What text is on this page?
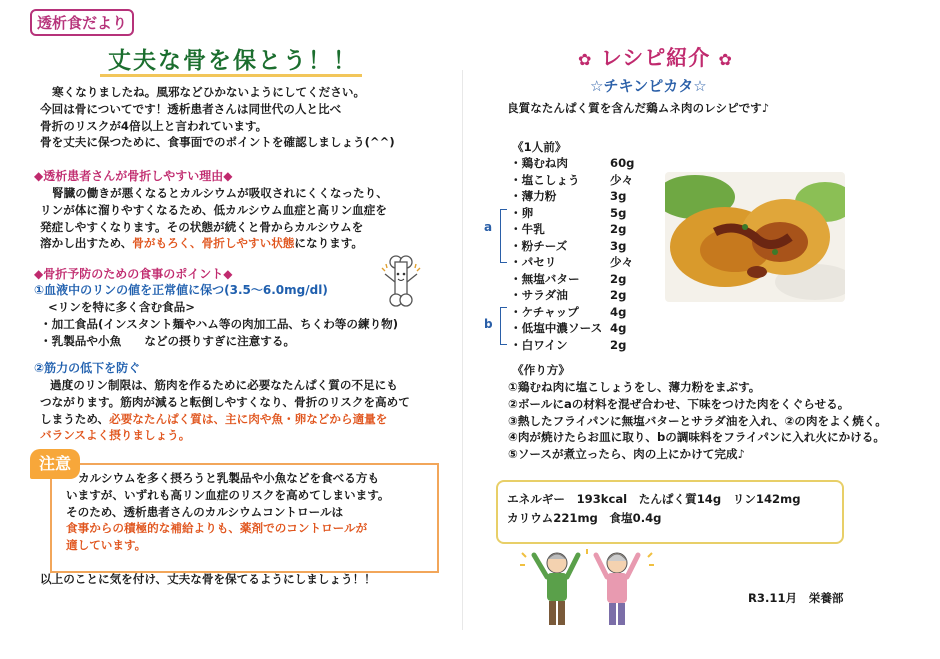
透析食だより
丈夫な骨を保とう！！
寒くなりましたね。風邪などひかないようにしてください。
今回は骨についてです！透析患者さんは同世代の人と比べ
骨折のリスクが4倍以上と言われています。
骨を丈夫に保つために、食事面でのポイントを確認しましょう(^^)
◆透析患者さんが骨折しやすい理由◆
腎臓の働きが悪くなるとカルシウムが吸収されにくくなったり、
リンが体に溜りやすくなるため、低カルシウム血症と高リン血症を
発症しやすくなります。その状態が続くと骨からカルシウムを
溶かし出すため、骨がもろく、骨折しやすい状態になります。
◆骨折予防のための食事のポイント◆
①血液中のリンの値を正常値に保つ(3.5～6.0mg/dl)
<リンを特に多く含む食品>
・加工食品(インスタント麺やハム等の肉加工品、ちくわ等の練り物)
・乳製品や小魚　　などの摂りすぎに注意する。
②筋力の低下を防ぐ
過度のリン制限は、筋肉を作るために必要なたんぱく質の不足にも
つながります。筋肉が減ると転倒しやすくなり、骨折のリスクを高めて
しまうため、必要なたんぱく質は、主に肉や魚・卵などから適量を
バランスよく摂りましょう。
注意
カルシウムを多く摂ろうと乳製品や小魚などを食べる方も
いますが、いずれも高リン血症のリスクを高めてしまいます。
そのため、透析患者さんのカルシウムコントロールは
食事からの積極的な補給よりも、薬剤でのコントロールが
適しています。
以上のことに気を付け、丈夫な骨を保てるようにしましょう！！
✿ レシピ紹介 ✿
☆チキンピカタ☆
良質なたんぱく質を含んだ鶏ムネ肉のレシピです♪
《1人前》
・鶏むね肉	60g
・塩こしょう	少々
・薄力粉	3g
・卵	5g
・牛乳	2g
・粉チーズ	3g
・パセリ	少々
・無塩バター	2g
・サラダ油	2g
・ケチャップ	4g
・低塩中濃ソース 4g
・白ワイン	2g
a
b
《作り方》
①鶏むね肉に塩こしょうをし、薄力粉をまぶす。
②ボールにaの材料を混ぜ合わせ、下味をつけた肉をくぐらせる。
③熱したフライパンに無塩バターとサラダ油を入れ、②の肉をよく焼く。
④肉が焼けたらお皿に取り、bの調味料をフライパンに入れ火にかける。
⑤ソースが煮立ったら、肉の上にかけて完成♪
エネルギー　193kcal　たんぱく質14g　リン142mg
カリウム221mg　食塩0.4g
R3.11月　栄養部
